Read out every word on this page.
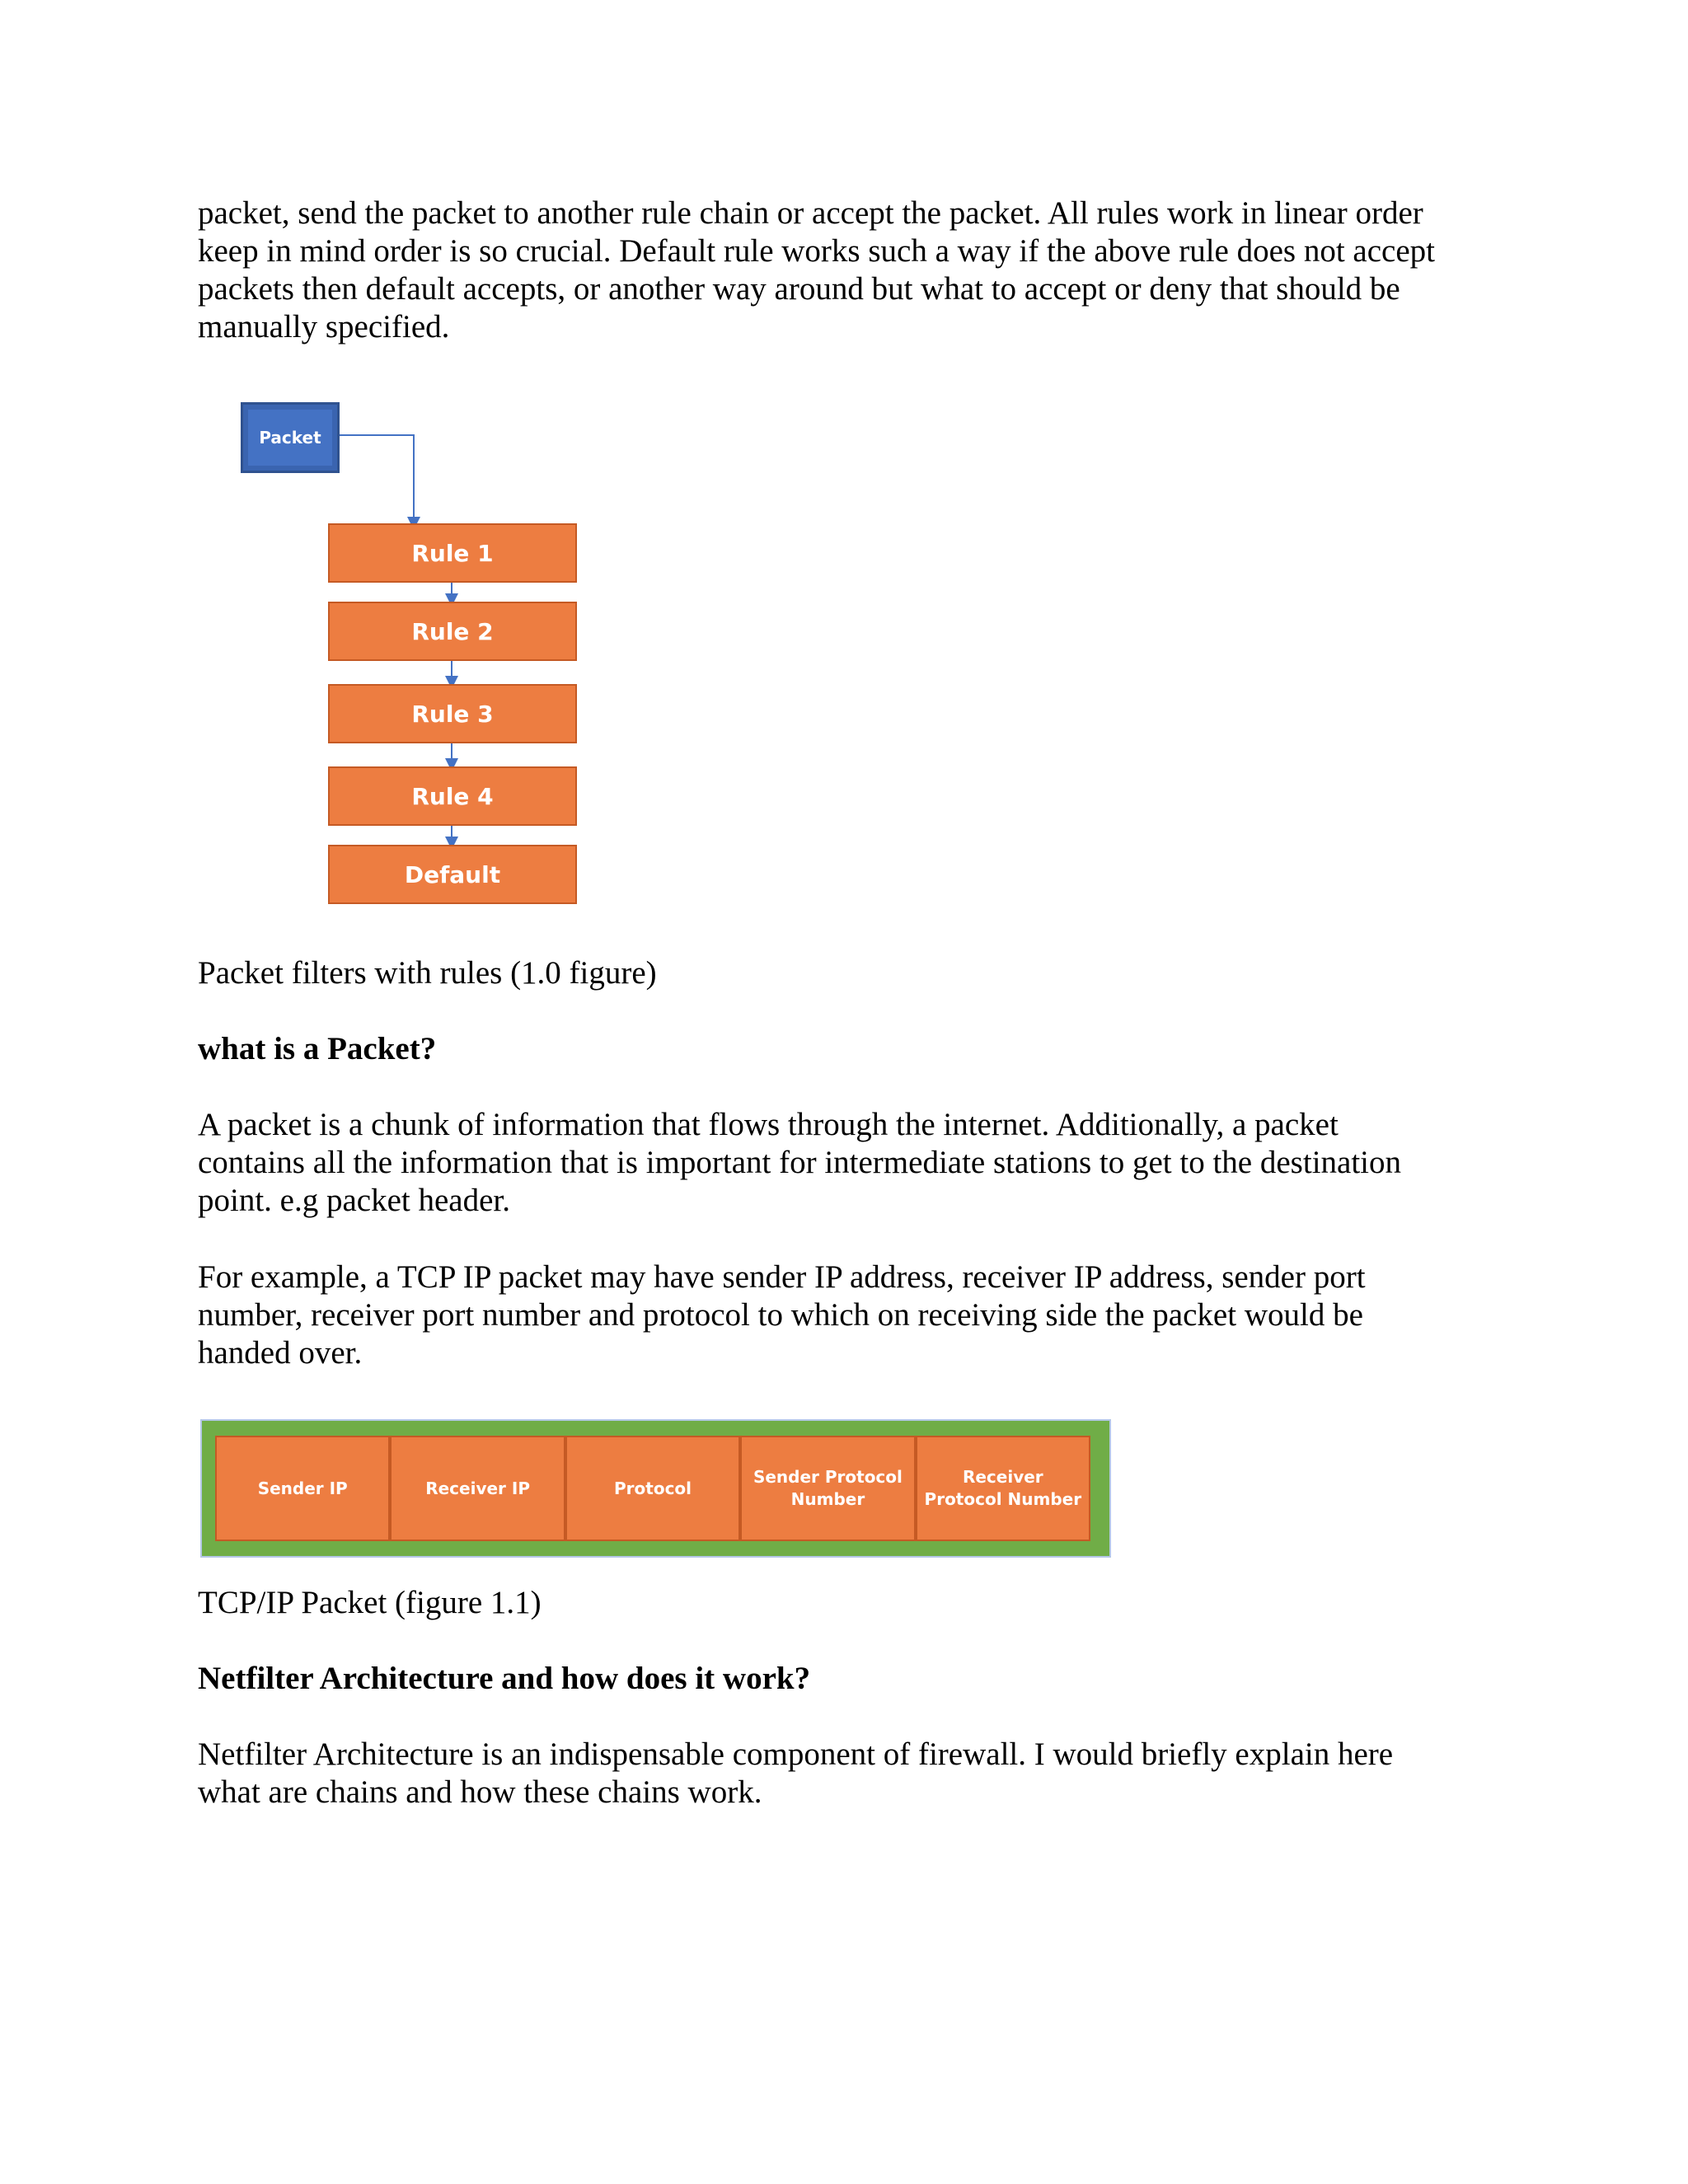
packet, send the packet to another rule chain or accept the packet. All rules work in linear order
keep in mind order is so crucial. Default rule works such a way if the above rule does not accept
packets then default accepts, or another way around but what to accept or deny that should be
manually specified.

Packet
Rule 1
Rule 2
Rule 3
Rule 4
Default

Packet filters with rules (1.0 figure)

what is a Packet?

A packet is a chunk of information that flows through the internet. Additionally, a packet
contains all the information that is important for intermediate stations to get to the destination
point. e.g packet header.

For example, a TCP IP packet may have sender IP address, receiver IP address, sender port
number, receiver port number and protocol to which on receiving side the packet would be
handed over.

Sender IP	Receiver IP	Protocol
Sender Protocol Number
Receiver Protocol Number

TCP/IP Packet (figure 1.1)

Netfilter Architecture and how does it work?

Netfilter Architecture is an indispensable component of firewall. I would briefly explain here
what are chains and how these chains work.
